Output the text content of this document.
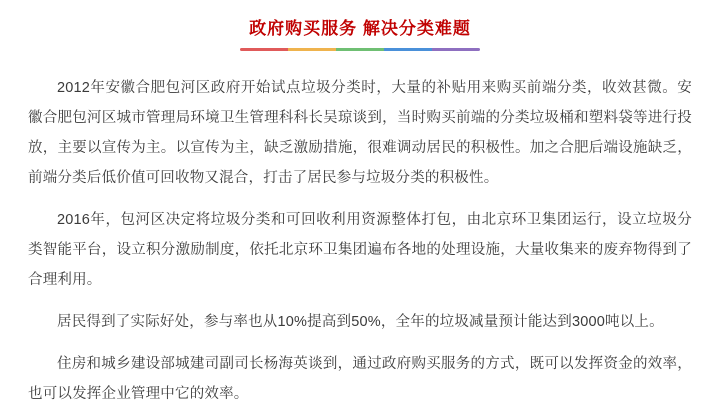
政府购买服务 解决分类难题

2012年安徽合肥包河区政府开始试点垃圾分类时，大量的补贴用来购买前端分类，收效甚微。安徽合肥包河区城市管理局环境卫生管理科科长吴琼谈到，当时购买前端的分类垃圾桶和塑料袋等进行投放，主要以宣传为主。以宣传为主，缺乏激励措施，很难调动居民的积极性。加之合肥后端设施缺乏，前端分类后低价值可回收物又混合，打击了居民参与垃圾分类的积极性。

2016年，包河区决定将垃圾分类和可回收利用资源整体打包，由北京环卫集团运行，设立垃圾分类智能平台，设立积分激励制度，依托北京环卫集团遍布各地的处理设施，大量收集来的废弃物得到了合理利用。

居民得到了实际好处，参与率也从10%提高到50%，全年的垃圾减量预计能达到3000吨以上。

住房和城乡建设部城建司副司长杨海英谈到，通过政府购买服务的方式，既可以发挥资金的效率，也可以发挥企业管理中它的效率。
